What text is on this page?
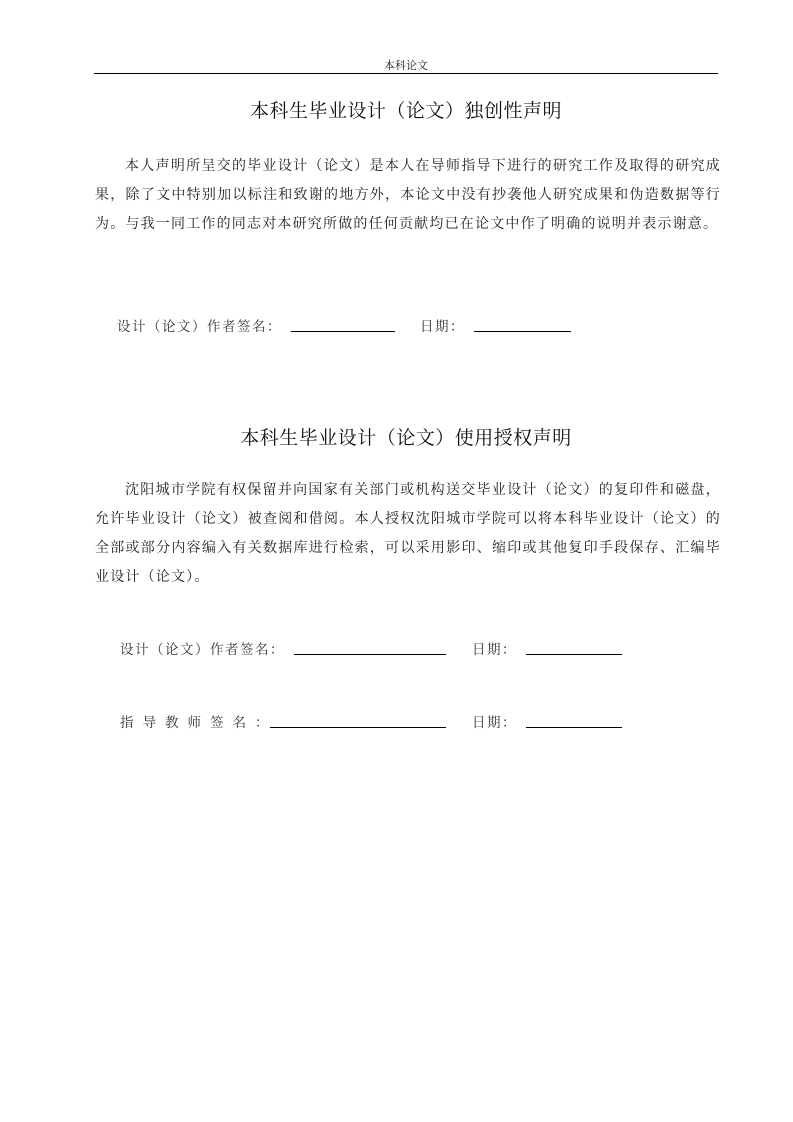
本科论文
本科生毕业设计（论文）独创性声明
本人声明所呈交的毕业设计（论文）是本人在导师指导下进行的研究工作及取得的研究成果，除了文中特别加以标注和致谢的地方外，本论文中没有抄袭他人研究成果和伪造数据等行为。与我一同工作的同志对本研究所做的任何贡献均已在论文中作了明确的说明并表示谢意。
设计（论文）作者签名：	日期：
本科生毕业设计（论文）使用授权声明
沈阳城市学院有权保留并向国家有关部门或机构送交毕业设计（论文）的复印件和磁盘，允许毕业设计（论文）被查阅和借阅。本人授权沈阳城市学院可以将本科毕业设计（论文）的全部或部分内容编入有关数据库进行检索，可以采用影印、缩印或其他复印手段保存、汇编毕业设计（论文）。
设计（论文）作者签名：	日期：
指导教师签名：	日期：
